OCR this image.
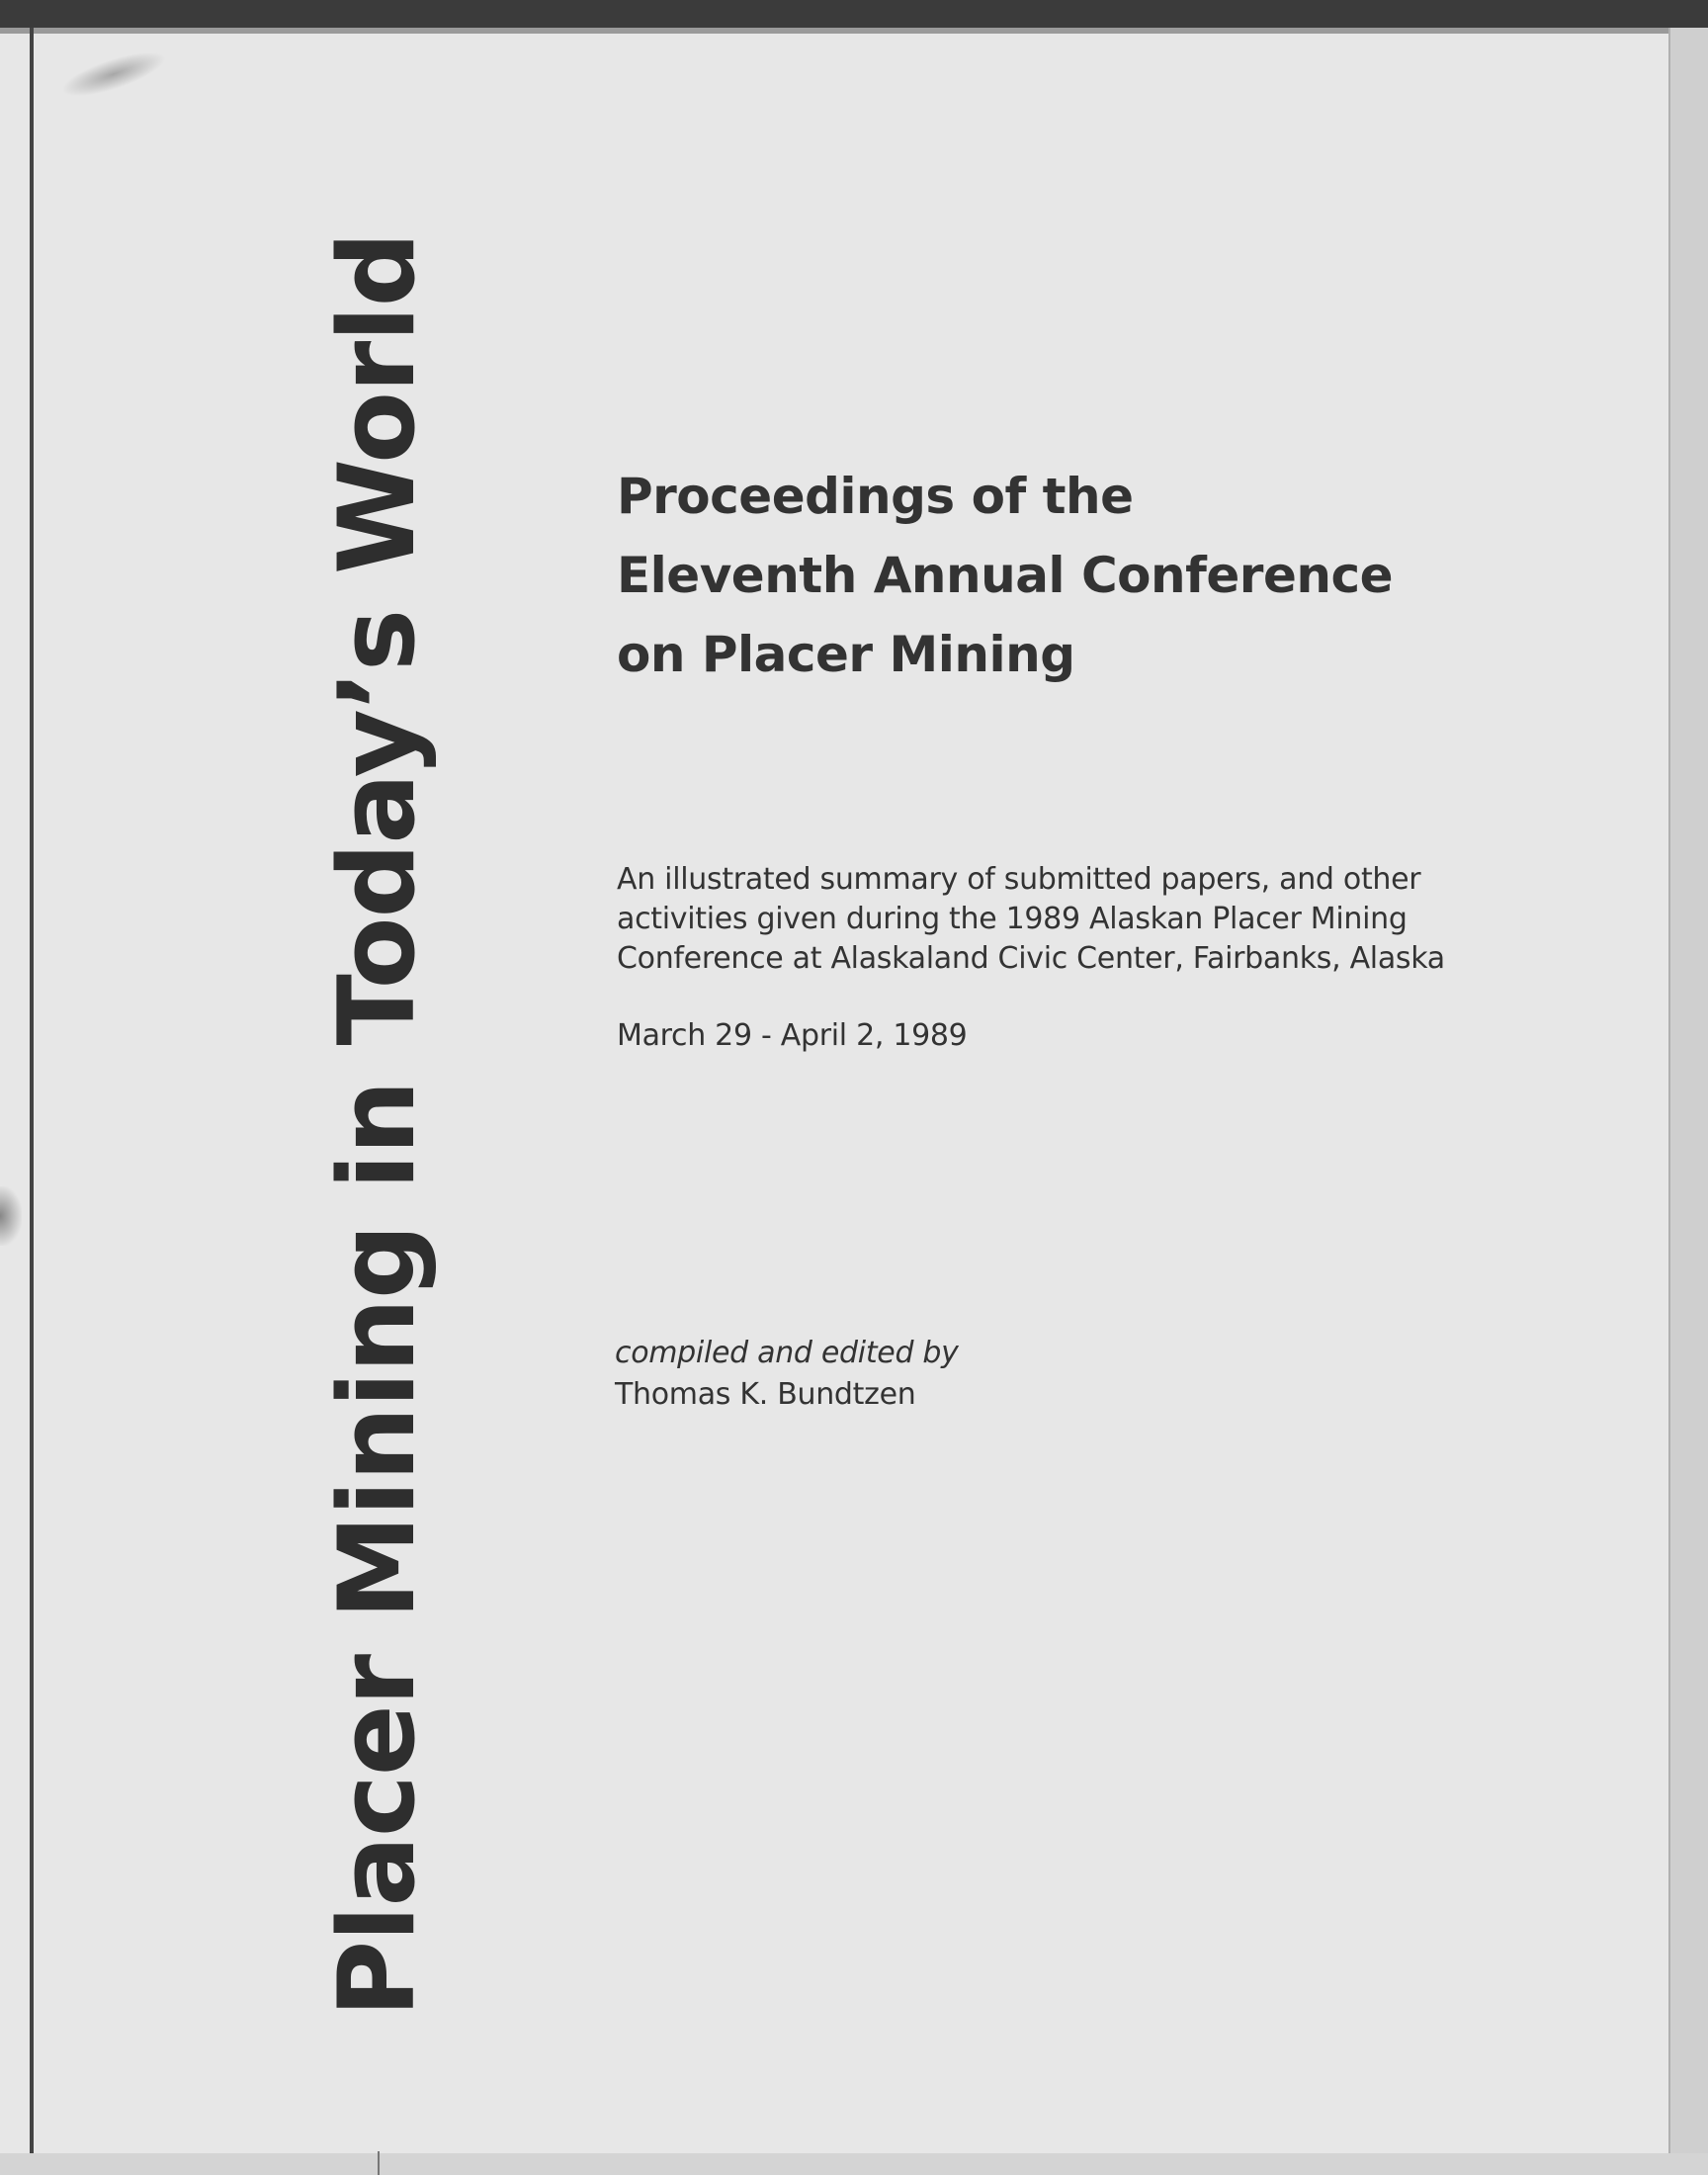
Placer Mining in Today’s World	Proceedings of the
Eleventh Annual Conference
on Placer Mining
An illustrated summary of submitted papers, and other
activities given during the 1989 Alaskan Placer Mining
Conference at Alaskaland Civic Center, Fairbanks, Alaska
March 29 - April 2, 1989
compiled and edited by
Thomas K. Bundtzen
